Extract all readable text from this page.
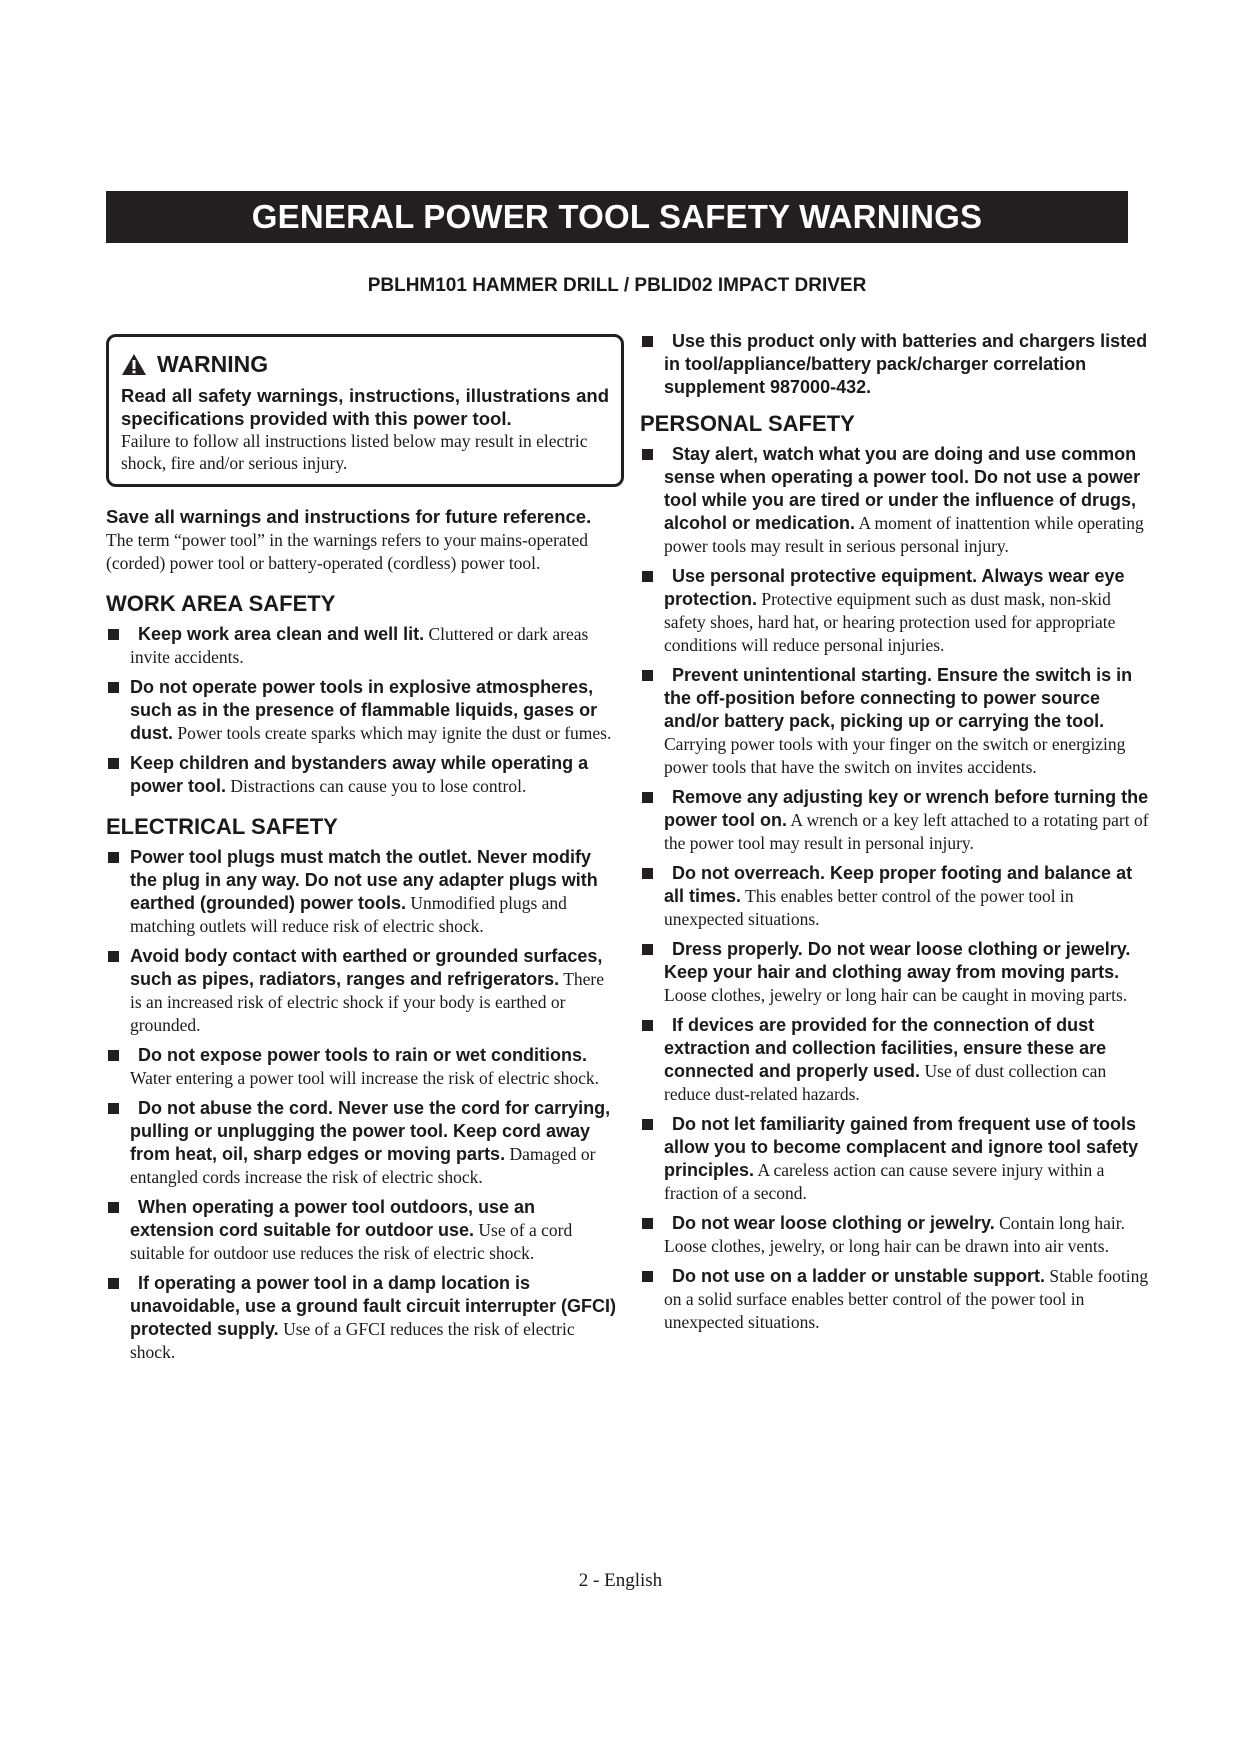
GENERAL POWER TOOL SAFETY WARNINGS
PBLHM101 HAMMER DRILL / PBLID02 IMPACT DRIVER
WARNING
Read all safety warnings, instructions, illustrations and specifications provided with this power tool.
Failure to follow all instructions listed below may result in electric shock, fire and/or serious injury.
Save all warnings and instructions for future reference.
The term “power tool” in the warnings refers to your mains-operated (corded) power tool or battery-operated (cordless) power tool.
WORK AREA SAFETY
Keep work area clean and well lit. Cluttered or dark areas invite accidents.
Do not operate power tools in explosive atmospheres, such as in the presence of flammable liquids, gases or dust. Power tools create sparks which may ignite the dust or fumes.
Keep children and bystanders away while operating a power tool. Distractions can cause you to lose control.
ELECTRICAL SAFETY
Power tool plugs must match the outlet. Never modify the plug in any way. Do not use any adapter plugs with earthed (grounded) power tools. Unmodified plugs and matching outlets will reduce risk of electric shock.
Avoid body contact with earthed or grounded surfaces, such as pipes, radiators, ranges and refrigerators. There is an increased risk of electric shock if your body is earthed or grounded.
Do not expose power tools to rain or wet conditions. Water entering a power tool will increase the risk of electric shock.
Do not abuse the cord. Never use the cord for carrying, pulling or unplugging the power tool. Keep cord away from heat, oil, sharp edges or moving parts. Damaged or entangled cords increase the risk of electric shock.
When operating a power tool outdoors, use an extension cord suitable for outdoor use. Use of a cord suitable for outdoor use reduces the risk of electric shock.
If operating a power tool in a damp location is unavoidable, use a ground fault circuit interrupter (GFCI) protected supply. Use of a GFCI reduces the risk of electric shock.
Use this product only with batteries and chargers listed in tool/appliance/battery pack/charger correlation supplement 987000-432.
PERSONAL SAFETY
Stay alert, watch what you are doing and use common sense when operating a power tool. Do not use a power tool while you are tired or under the influence of drugs, alcohol or medication. A moment of inattention while operating power tools may result in serious personal injury.
Use personal protective equipment. Always wear eye protection. Protective equipment such as dust mask, non-skid safety shoes, hard hat, or hearing protection used for appropriate conditions will reduce personal injuries.
Prevent unintentional starting. Ensure the switch is in the off-position before connecting to power source and/or battery pack, picking up or carrying the tool. Carrying power tools with your finger on the switch or energizing power tools that have the switch on invites accidents.
Remove any adjusting key or wrench before turning the power tool on. A wrench or a key left attached to a rotating part of the power tool may result in personal injury.
Do not overreach. Keep proper footing and balance at all times. This enables better control of the power tool in unexpected situations.
Dress properly. Do not wear loose clothing or jewelry. Keep your hair and clothing away from moving parts. Loose clothes, jewelry or long hair can be caught in moving parts.
If devices are provided for the connection of dust extraction and collection facilities, ensure these are connected and properly used. Use of dust collection can reduce dust-related hazards.
Do not let familiarity gained from frequent use of tools allow you to become complacent and ignore tool safety principles. A careless action can cause severe injury within a fraction of a second.
Do not wear loose clothing or jewelry. Contain long hair. Loose clothes, jewelry, or long hair can be drawn into air vents.
Do not use on a ladder or unstable support. Stable footing on a solid surface enables better control of the power tool in unexpected situations.
2 - English
